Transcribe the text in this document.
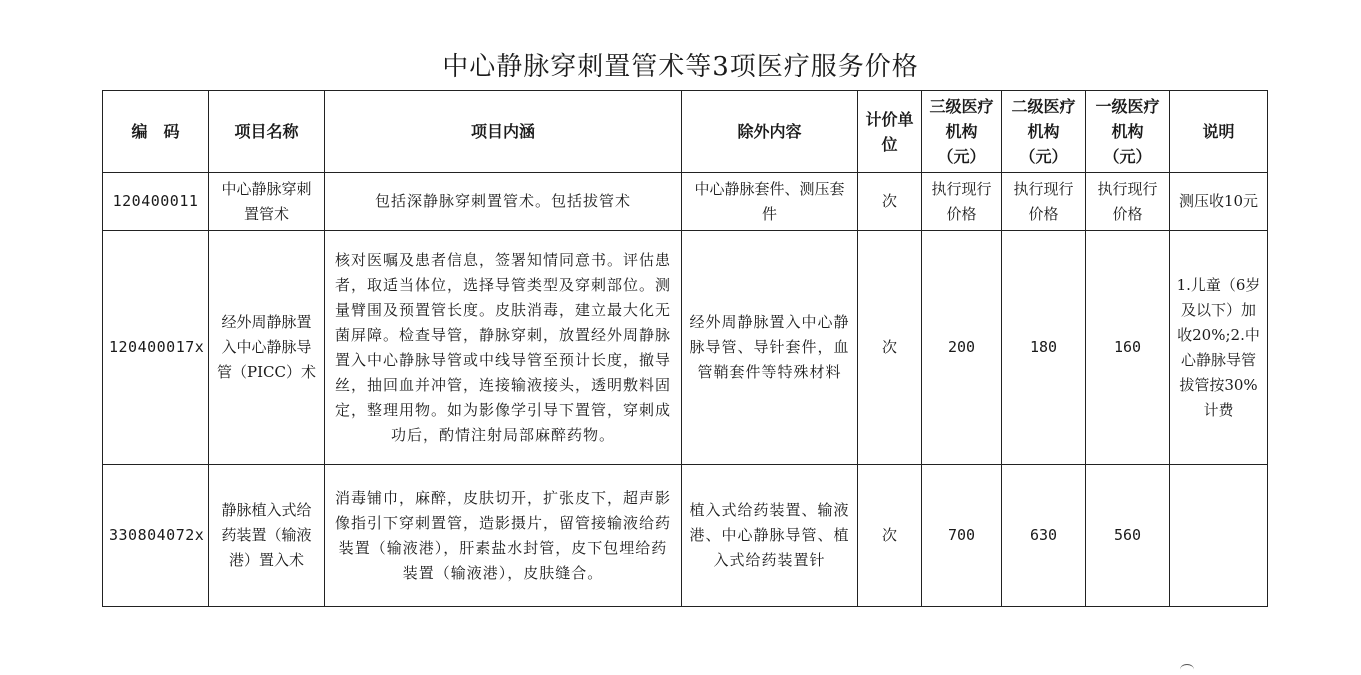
中心静脉穿刺置管术等3项医疗服务价格
编　码	项目名称	项目内涵	除外内容	计价单位	三级医疗机构（元）	二级医疗机构（元）	一级医疗机构（元）	说明
120400011	中心静脉穿刺置管术	包括深静脉穿刺置管术。包括拔管术	中心静脉套件、测压套件	次	执行现行价格	执行现行价格	执行现行价格	测压收10元
120400017x	经外周静脉置入中心静脉导管（PICC）术	核对医嘱及患者信息，签署知情同意书。评估患者，取适当体位，选择导管类型及穿刺部位。测量臂围及预置管长度。皮肤消毒，建立最大化无菌屏障。检查导管，静脉穿刺，放置经外周静脉置入中心静脉导管或中线导管至预计长度，撤导丝，抽回血并冲管，连接输液接头，透明敷料固定，整理用物。如为影像学引导下置管，穿刺成功后，酌情注射局部麻醉药物。	经外周静脉置入中心静脉导管、导针套件，血管鞘套件等特殊材料	次	200	180	160	1.儿童（6岁及以下）加收20%;2.中心静脉导管拔管按30%计费
330804072x	静脉植入式给药装置（输液港）置入术	消毒铺巾，麻醉，皮肤切开，扩张皮下，超声影像指引下穿刺置管，造影摄片，留管接输液给药装置（输液港），肝素盐水封管，皮下包埋给药装置（输液港），皮肤缝合。	植入式给药装置、输液港、中心静脉导管、植入式给药装置针	次	700	630	560	
